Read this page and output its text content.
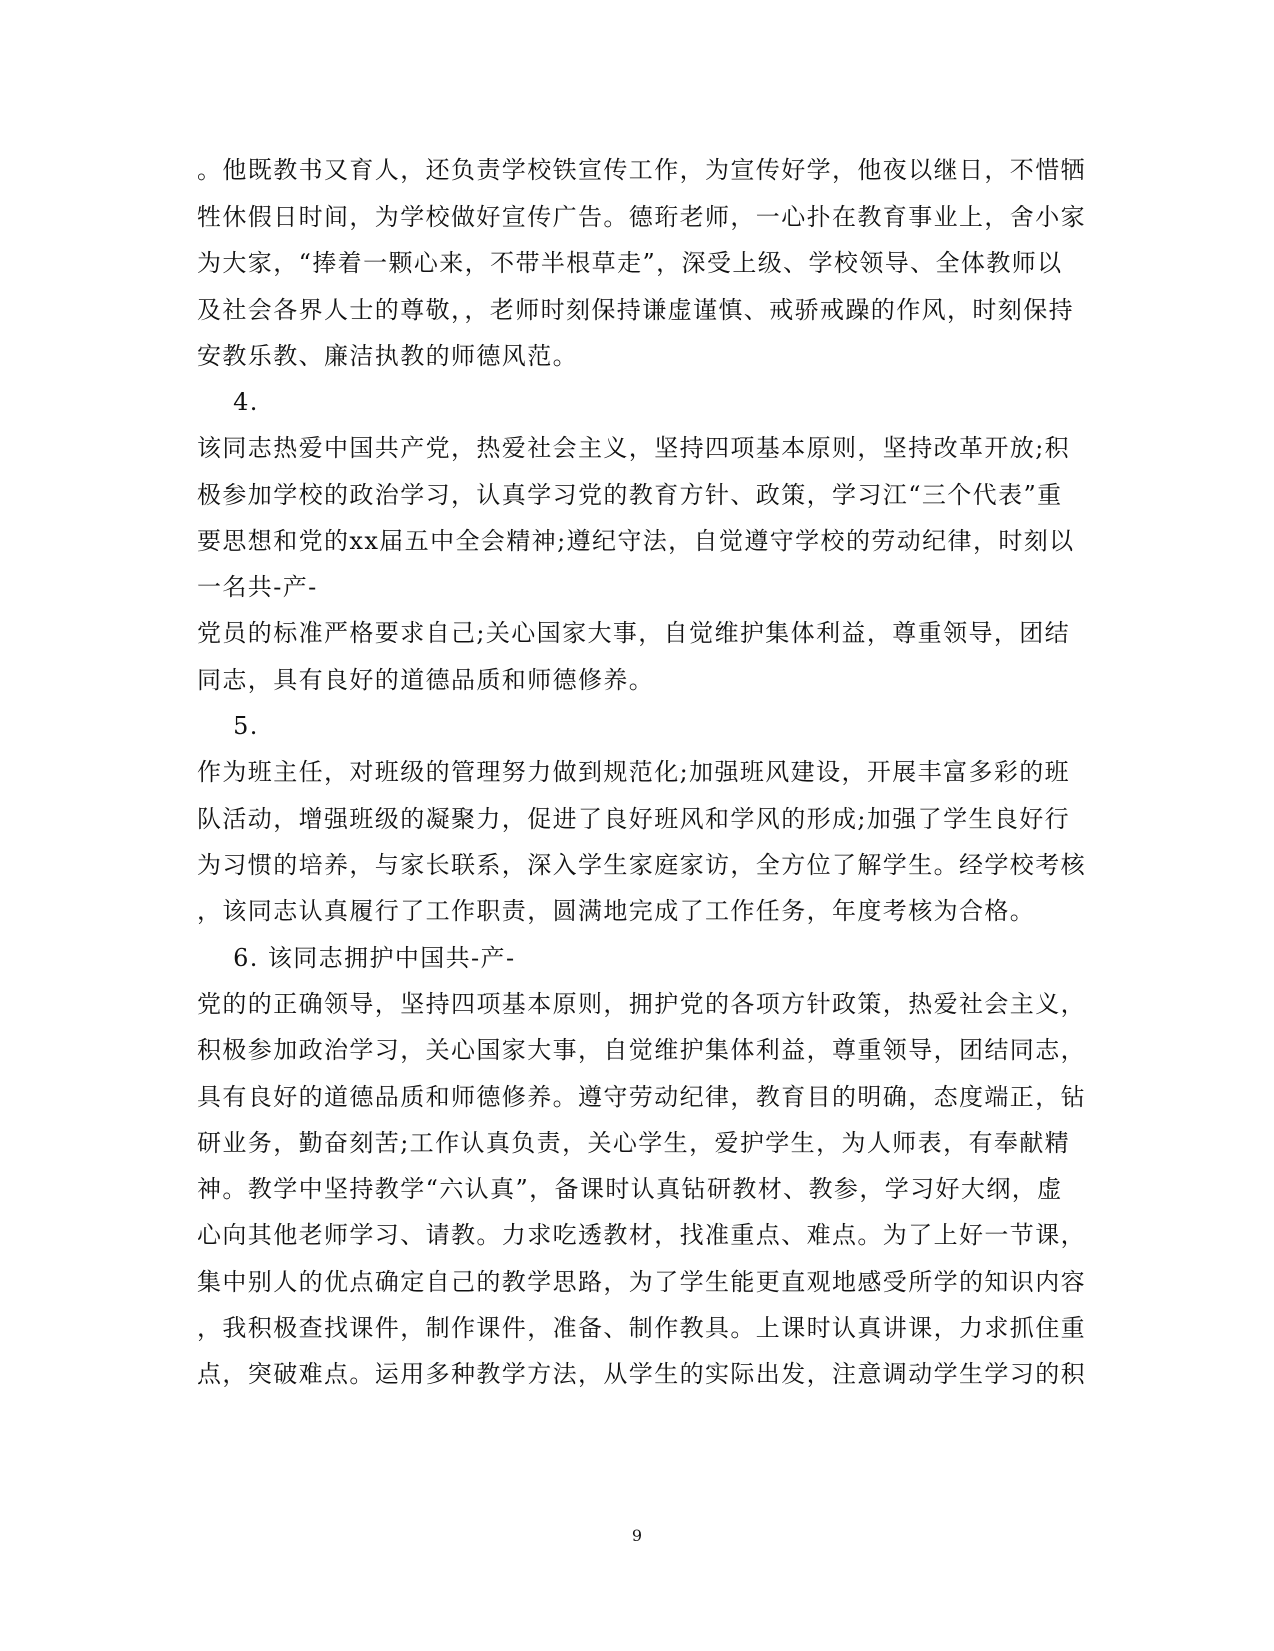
。他既教书又育人，还负责学校铁宣传工作，为宣传好学，他夜以继日，不惜牺
牲休假日时间，为学校做好宣传广告。德珩老师，一心扑在教育事业上，舍小家
为大家，“捧着一颗心来，不带半根草走”，深受上级、学校领导、全体教师以
及社会各界人士的尊敬，，老师时刻保持谦虚谨慎、戒骄戒躁的作风，时刻保持
安教乐教、廉洁执教的师德风范。
4.
该同志热爱中国共产党，热爱社会主义，坚持四项基本原则，坚持改革开放;积
极参加学校的政治学习，认真学习党的教育方针、政策，学习江“三个代表”重
要思想和党的xx届五中全会精神;遵纪守法，自觉遵守学校的劳动纪律，时刻以
一名共-产-
党员的标准严格要求自己;关心国家大事，自觉维护集体利益，尊重领导，团结
同志，具有良好的道德品质和师德修养。
5.
作为班主任，对班级的管理努力做到规范化;加强班风建设，开展丰富多彩的班
队活动，增强班级的凝聚力，促进了良好班风和学风的形成;加强了学生良好行
为习惯的培养，与家长联系，深入学生家庭家访，全方位了解学生。经学校考核
，该同志认真履行了工作职责，圆满地完成了工作任务，年度考核为合格。
6. 该同志拥护中国共-产-
党的的正确领导，坚持四项基本原则，拥护党的各项方针政策，热爱社会主义，
积极参加政治学习，关心国家大事，自觉维护集体利益，尊重领导，团结同志，
具有良好的道德品质和师德修养。遵守劳动纪律，教育目的明确，态度端正，钻
研业务，勤奋刻苦;工作认真负责，关心学生，爱护学生，为人师表，有奉献精
神。教学中坚持教学“六认真”，备课时认真钻研教材、教参，学习好大纲，虚
心向其他老师学习、请教。力求吃透教材，找准重点、难点。为了上好一节课，
集中别人的优点确定自己的教学思路，为了学生能更直观地感受所学的知识内容
，我积极查找课件，制作课件，准备、制作教具。上课时认真讲课，力求抓住重
点，突破难点。运用多种教学方法，从学生的实际出发，注意调动学生学习的积
9
